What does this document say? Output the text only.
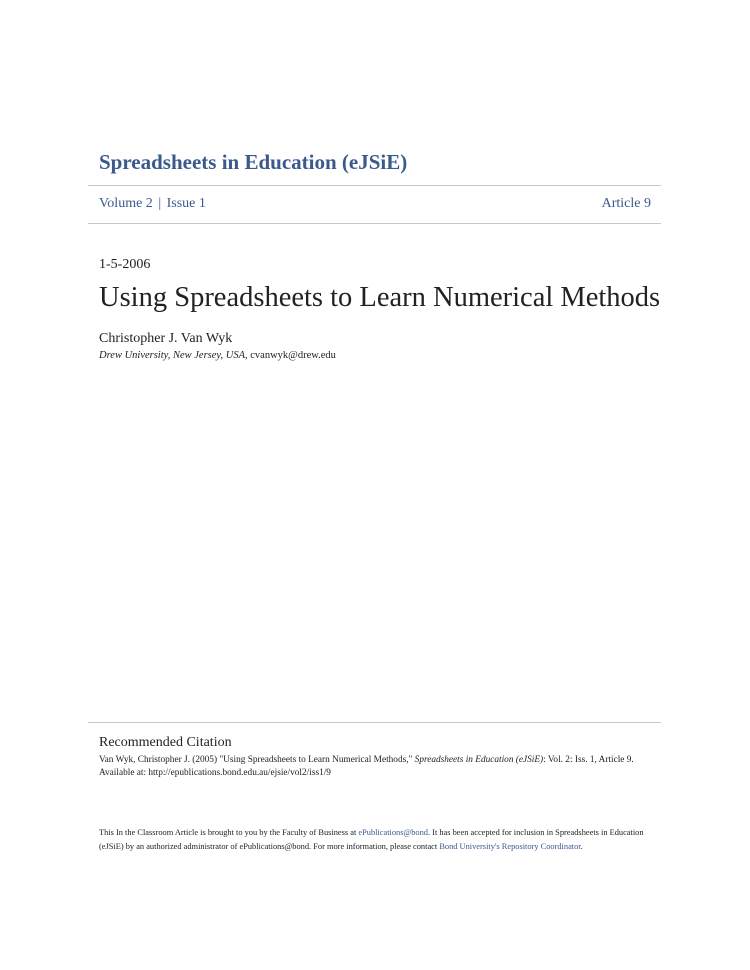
Spreadsheets in Education (eJSiE)
Volume 2 | Issue 1	Article 9
1-5-2006
Using Spreadsheets to Learn Numerical Methods
Christopher J. Van Wyk
Drew University, New Jersey, USA, cvanwyk@drew.edu
Recommended Citation
Van Wyk, Christopher J. (2005) "Using Spreadsheets to Learn Numerical Methods," Spreadsheets in Education (eJSiE): Vol. 2: Iss. 1, Article 9.
Available at: http://epublications.bond.edu.au/ejsie/vol2/iss1/9
This In the Classroom Article is brought to you by the Faculty of Business at ePublications@bond. It has been accepted for inclusion in Spreadsheets in Education (eJSiE) by an authorized administrator of ePublications@bond. For more information, please contact Bond University's Repository Coordinator.
